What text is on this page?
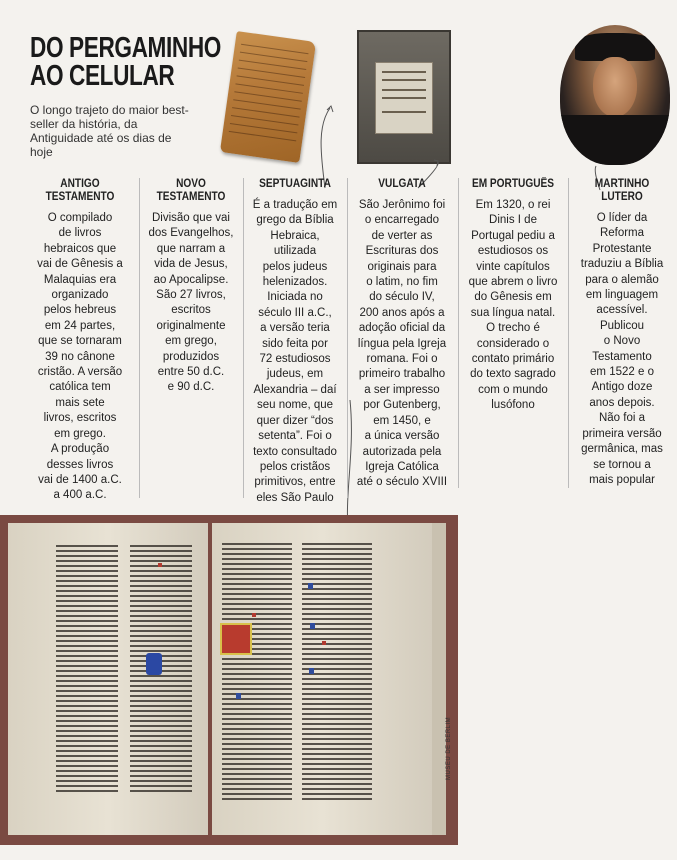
DO PERGAMINHO
AO CELULAR

O longo trajeto do maior best-seller da história, da Antiguidade até os dias de hoje

ANTIGO
TESTAMENTO
O compilado
de livros
hebraicos que
vai de Gênesis a
Malaquias era
organizado
pelos hebreus
em 24 partes,
que se tornaram
39 no cânone
cristão. A versão
católica tem
mais sete
livros, escritos
em grego.
A produção
desses livros
vai de 1400 a.C.
a 400 a.C.
NOVO
TESTAMENTO
Divisão que vai
dos Evangelhos,
que narram a
vida de Jesus,
ao Apocalipse.
São 27 livros,
escritos
originalmente
em grego,
produzidos
entre 50 d.C.
e 90 d.C.
SEPTUAGINTA
É a tradução em
grego da Bíblia
Hebraica,
utilizada
pelos judeus
helenizados.
Iniciada no
século III a.C.,
a versão teria
sido feita por
72 estudiosos
judeus, em
Alexandria – daí
seu nome, que
quer dizer “dos
setenta”. Foi o
texto consultado
pelos cristãos
primitivos, entre
eles São Paulo
VULGATA
São Jerônimo foi
o encarregado
de verter as
Escrituras dos
originais para
o latim, no fim
do século IV,
200 anos após a
adoção oficial da
língua pela Igreja
romana. Foi o
primeiro trabalho
a ser impresso
por Gutenberg,
em 1450, e
a única versão
autorizada pela
Igreja Católica
até o século XVIII
EM PORTUGUÊS
Em 1320, o rei
Dinis I de
Portugal pediu a
estudiosos os
vinte capítulos
que abrem o livro
do Gênesis em
sua língua natal.
O trecho é
considerado o
contato primário
do texto sagrado
com o mundo
lusófono
MARTINHO
LUTERO
O líder da
Reforma
Protestante
traduziu a Bíblia
para o alemão
em linguagem
acessível.
Publicou
o Novo
Testamento
em 1522 e o
Antigo doze
anos depois.
Não foi a
primeira versão
germânica, mas
se tornou a
mais popular
MUSEU DE BERLIM
